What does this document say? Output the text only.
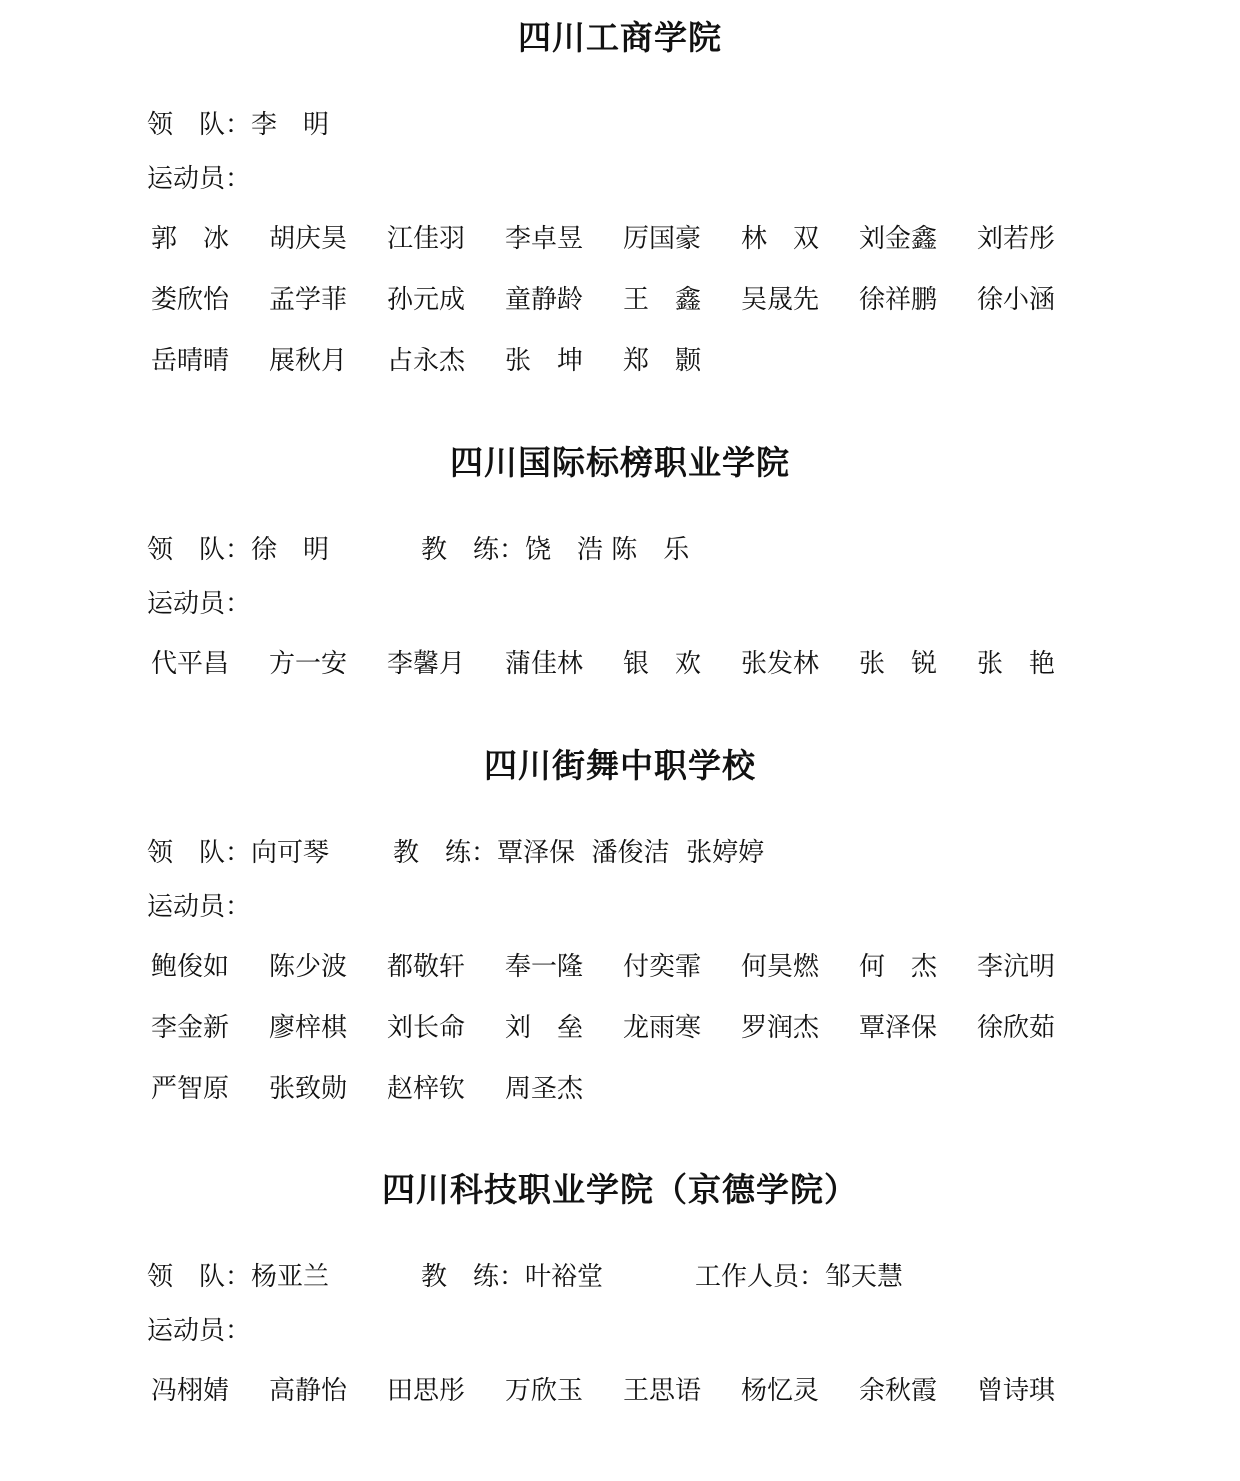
四川工商学院
领　队：李　明
运动员：
郭　冰	胡庆昊	江佳羽	李卓昱	厉国豪	林　双	刘金鑫	刘若彤
娄欣怡	孟学菲	孙元成	童静龄	王　鑫	吴晟先	徐祥鹏	徐小涵
岳晴晴	展秋月	占永杰	张　坤	郑　颢
四川国际标榜职业学院
领　队：徐　明	教　练：饶　浩 陈　乐
运动员：
代平昌	方一安	李馨月	蒲佳林	银　欢	张发林	张　锐	张　艳
四川街舞中职学校
领　队：向可琴 教　练：覃泽保  潘俊洁  张婷婷
运动员：
鲍俊如	陈少波	都敬轩	奉一隆	付奕霏	何昊燃	何　杰	李沆明
李金新	廖梓棋	刘长命	刘　垒	龙雨寒	罗润杰	覃泽保	徐欣茹
严智原	张致勋	赵梓钦	周圣杰
四川科技职业学院（京德学院）
领　队：杨亚兰	教　练：叶裕堂	工作人员：邹天慧
运动员：
冯栩婧	高静怡	田思彤	万欣玉	王思语	杨忆灵	余秋霞	曾诗琪
